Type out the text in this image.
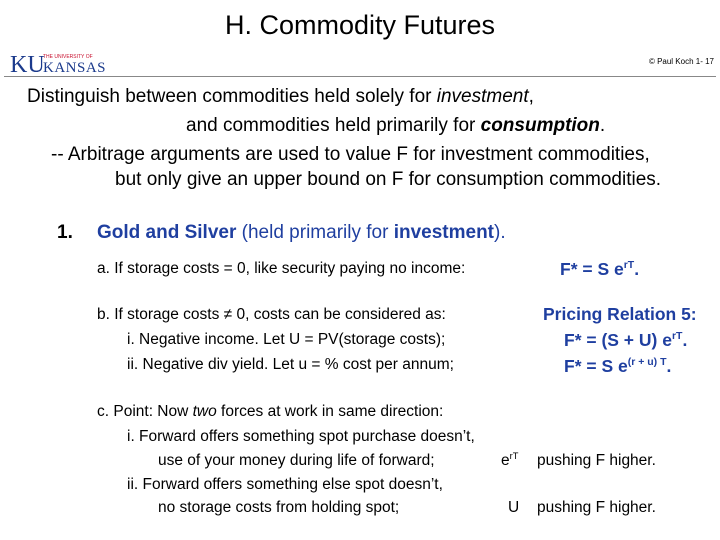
H. Commodity Futures
KU
THE UNIVERSITY OF
KANSAS	© Paul Koch 1- 17
Distinguish between commodities held solely for investment,
and commodities held primarily for consumption.
-- Arbitrage arguments are used to value F for investment commodities,
but only give an upper bound on F for consumption commodities.
1. Gold and Silver (held primarily for investment).
a. If storage costs = 0, like security paying no income:	F* = S $e^{rT}$.
b. If storage costs ≠ 0, costs can be considered as:	Pricing Relation 5:
i. Negative income. Let U = PV(storage costs);	F* = (S + U) $e^{rT}$.
ii. Negative div yield. Let u = % cost per annum;	F* = S $e^{(r + u) T}$.
c. Point: Now two forces at work in same direction:
i. Forward offers something spot purchase doesn’t,
use of your money during life of forward;	$e^{rT}$ pushing F higher.
ii. Forward offers something else spot doesn’t,
no storage costs from holding spot;	U pushing F higher.
